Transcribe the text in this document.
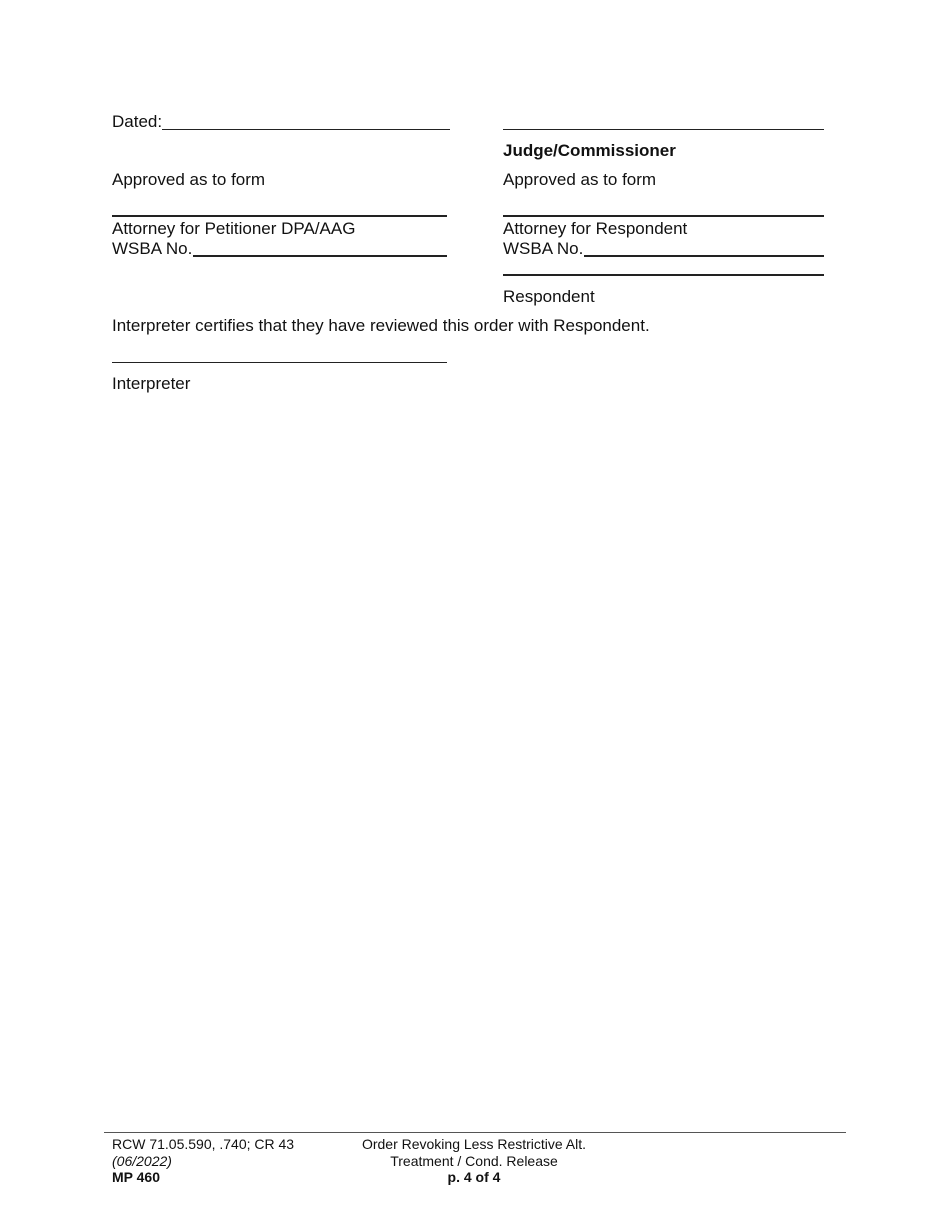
Dated:
Judge/Commissioner
Approved as to form	Approved as to form
Attorney for Petitioner DPA/AAG	Attorney for Respondent
WSBA No.	WSBA No.
Respondent
Interpreter certifies that they have reviewed this order with Respondent.
Interpreter
RCW 71.05.590, .740; CR 43
(06/2022)
MP 460
Order Revoking Less Restrictive Alt.
Treatment / Cond. Release
p. 4 of 4
